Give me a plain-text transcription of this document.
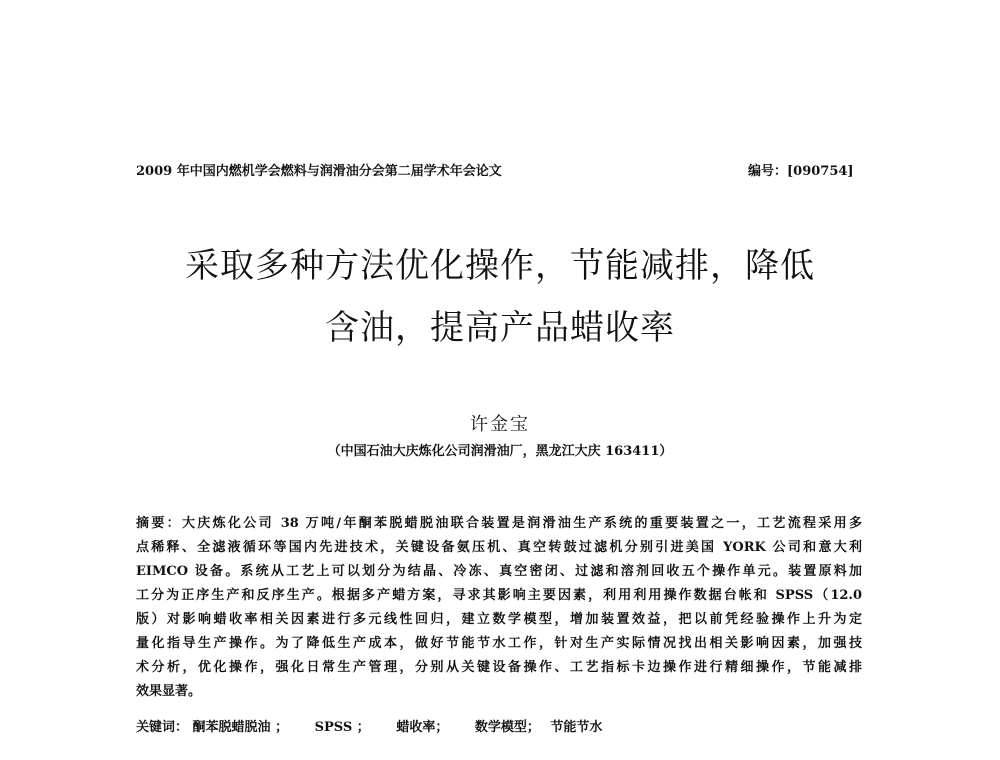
2009 年中国内燃机学会燃料与润滑油分会第二届学术年会论文	编号：[090754]
采取多种方法优化操作，节能减排，降低
含油，提高产品蜡收率
许金宝
（中国石油大庆炼化公司润滑油厂，黑龙江大庆 163411）
摘要：大庆炼化公司 38 万吨/年酮苯脱蜡脱油联合装置是润滑油生产系统的重要装置之一，工艺流程采用多
点稀释、全滤液循环等国内先进技术，关键设备氨压机、真空转鼓过滤机分别引进美国 YORK 公司和意大利
EIMCO 设备。系统从工艺上可以划分为结晶、冷冻、真空密闭、过滤和溶剂回收五个操作单元。装置原料加
工分为正序生产和反序生产。根据多产蜡方案，寻求其影响主要因素，利用利用操作数据台帐和 SPSS（12.0
版）对影响蜡收率相关因素进行多元线性回归，建立数学模型，增加装置效益，把以前凭经验操作上升为定
量化指导生产操作。为了降低生产成本，做好节能节水工作，针对生产实际情况找出相关影响因素，加强技
术分析，优化操作，强化日常生产管理，分别从关键设备操作、工艺指标卡边操作进行精细操作，节能减排
效果显著。
关键词： 酮苯脱蜡脱油 ； SPSS ； 蜡收率； 数学模型； 节能节水
